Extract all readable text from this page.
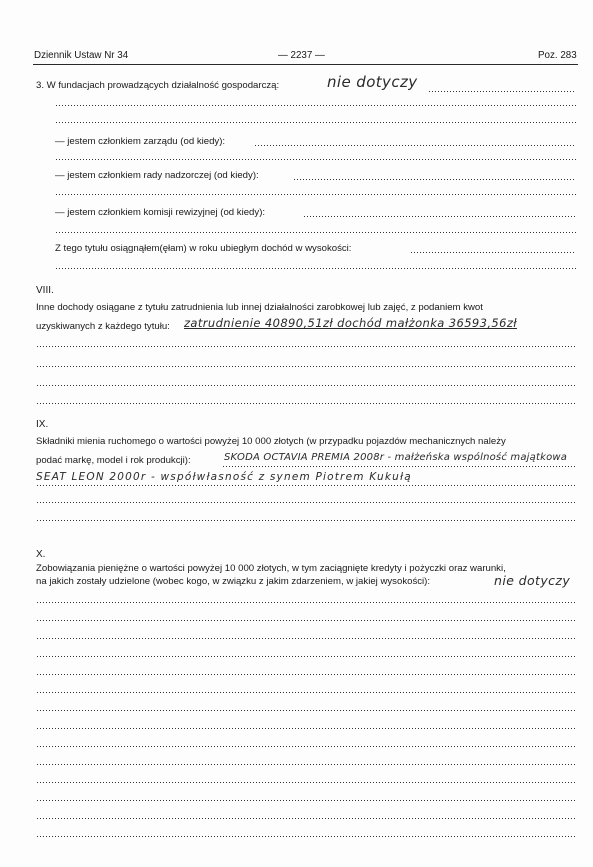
Dziennik Ustaw Nr 34	— 2237 —	Poz. 283
3. W fundacjach prowadzących działalność gospodarczą:	nie dotyczy
— jestem członkiem zarządu (od kiedy):
— jestem członkiem rady nadzorczej (od kiedy):
— jestem członkiem komisji rewizyjnej (od kiedy):
Z tego tytułu osiągnąłem(ęłam) w roku ubiegłym dochód w wysokości:
VIII.
Inne dochody osiągane z tytułu zatrudnienia lub innej działalności zarobkowej lub zajęć, z podaniem kwot
uzyskiwanych z każdego tytułu: zatrudnienie 40890,51zł dochód małżonka 36593,56zł
IX.
Składniki mienia ruchomego o wartości powyżej 10 000 złotych (w przypadku pojazdów mechanicznych należy
podać markę, model i rok produkcji):	SKODA OCTAVIA PREMIA 2008r - małżeńska wspólność majątkowa
SEAT LEON 2000r - współwłasność z synem Piotrem Kukułą
X.
Zobowiązania pieniężne o wartości powyżej 10 000 złotych, w tym zaciągnięte kredyty i pożyczki oraz warunki,
na jakich zostały udzielone (wobec kogo, w związku z jakim zdarzeniem, w jakiej wysokości):	nie dotyczy
